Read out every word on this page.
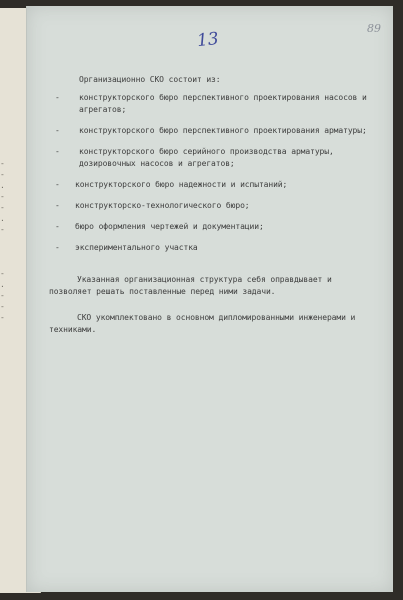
-
-
.
-
-
.
-

-
.
-
-
-
13
89
Организационно СКО состоит из:
- конструкторского бюро перспективного проектирования насосов и агрегатов;
- конструкторского бюро перспективного проектирования арматуры;
- конструкторского бюро серийного производства арматуры, дозировочных насосов и агрегатов;
- конструкторского бюро надежности и испытаний;
- конструкторско-технологического бюро;
- бюро оформления чертежей и документации;
- экспериментального участка

Указанная организационная структура себя оправдывает и позволяет решать поставленные перед ними задачи.

СКО укомплектовано в основном дипломированными инженерами и техниками.
